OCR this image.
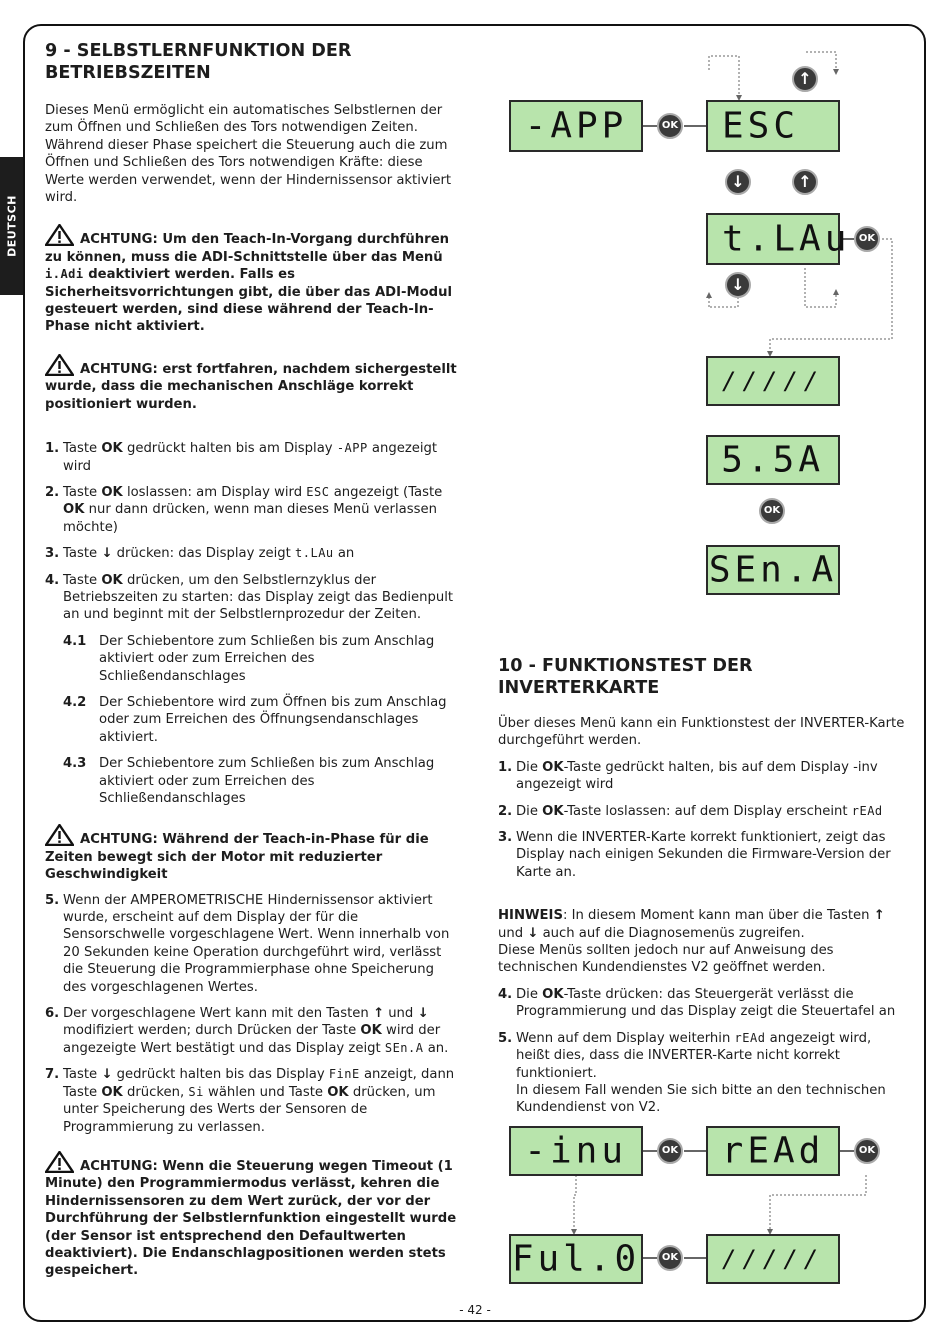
DEUTSCH
9 - SELBSTLERNFUNKTION DER BETRIEBSZEITEN

Dieses Menü ermöglicht ein automatisches Selbstlernen der zum Öffnen und Schließen des Tors notwendigen Zeiten.

Während dieser Phase speichert die Steuerung auch die zum Öffnen und Schließen des Tors notwendigen Kräfte: diese Werte werden verwendet, wenn der Hindernissensor aktiviert wird.

ACHTUNG: Um den Teach-In-Vorgang durchführen zu können, muss die ADI-Schnittstelle über das Menü i.Adi deaktiviert werden. Falls es Sicherheitsvorrichtungen gibt, die über das ADI-Modul gesteuert werden, sind diese während der Teach-In-Phase nicht aktiviert.

ACHTUNG: erst fortfahren, nachdem sichergestellt wurde, dass die mechanischen Anschläge korrekt positioniert wurden.

1. Taste OK gedrückt halten bis am Display -APP angezeigt wird
2. Taste OK loslassen: am Display wird ESC angezeigt (Taste OK nur dann drücken, wenn man dieses Menü verlassen möchte)
3. Taste ↓ drücken: das Display zeigt t.LAu an
4. Taste OK drücken, um den Selbstlernzyklus der Betriebszeiten zu starten: das Display zeigt das Bedienpult an und beginnt mit der Selbstlernprozedur der Zeiten.
4.1 Der Schiebentore zum Schließen bis zum Anschlag aktiviert oder zum Erreichen des Schließendanschlages
4.2 Der Schiebentore wird zum Öffnen bis zum Anschlag oder zum Erreichen des Öffnungsendanschlages aktiviert.
4.3 Der Schiebentore zum Schließen bis zum Anschlag aktiviert oder zum Erreichen des Schließendanschlages

ACHTUNG: Während der Teach-in-Phase für die Zeiten bewegt sich der Motor mit reduzierter Geschwindigkeit

5. Wenn der AMPEROMETRISCHE Hindernissensor aktiviert wurde, erscheint auf dem Display der für die Sensorschwelle vorgeschlagene Wert. Wenn innerhalb von 20 Sekunden keine Operation durchgeführt wird, verlässt die Steuerung die Programmierphase ohne Speicherung des vorgeschlagenen Wertes.
6. Der vorgeschlagene Wert kann mit den Tasten ↑ und ↓ modifiziert werden; durch Drücken der Taste OK wird der angezeigte Wert bestätigt und das Display zeigt SEn.A an.
7. Taste ↓ gedrückt halten bis das Display FinE anzeigt, dann Taste OK drücken, Si wählen und Taste OK drücken, um unter Speicherung des Werts der Sensoren de Programmierung zu verlassen.

ACHTUNG: Wenn die Steuerung wegen Timeout (1 Minute) den Programmiermodus verlässt, kehren die Hindernissensoren zu dem Wert zurück, der vor der Durchführung der Selbstlernfunktion eingestellt wurde (der Sensor ist entsprechend den Defaultwerten deaktiviert). Die Endanschlagpositionen werden stets gespeichert.

10 - FUNKTIONSTEST DER INVERTERKARTE

Über dieses Menü kann ein Funktionstest der INVERTER-Karte durchgeführt werden.

1. Die OK-Taste gedrückt halten, bis auf dem Display -inv angezeigt wird
2. Die OK-Taste loslassen: auf dem Display erscheint rEAd
3. Wenn die INVERTER-Karte korrekt funktioniert, zeigt das Display nach einigen Sekunden die Firmware-Version der Karte an.

HINWEIS: In diesem Moment kann man über die Tasten ↑ und ↓ auch auf die Diagnosemenüs zugreifen.

Diese Menüs sollten jedoch nur auf Anweisung des technischen Kundendienstes V2 geöffnet werden.

4. Die OK-Taste drücken: das Steuergerät verlässt die Programmierung und das Display zeigt die Steuertafel an
5. Wenn auf dem Display weiterhin rEAd angezeigt wird, heißt dies, dass die INVERTER-Karte nicht korrekt funktioniert.
In diesem Fall wenden Sie sich bitte an den technischen Kundendienst von V2.
-APP	OK	ESC
↑
↓	↑
t.LAu OK
↓
/////
5.5A
OK
SEn.A
-inu	OK	rEAd	OK
Ful.0	OK	/////
- 42 -
